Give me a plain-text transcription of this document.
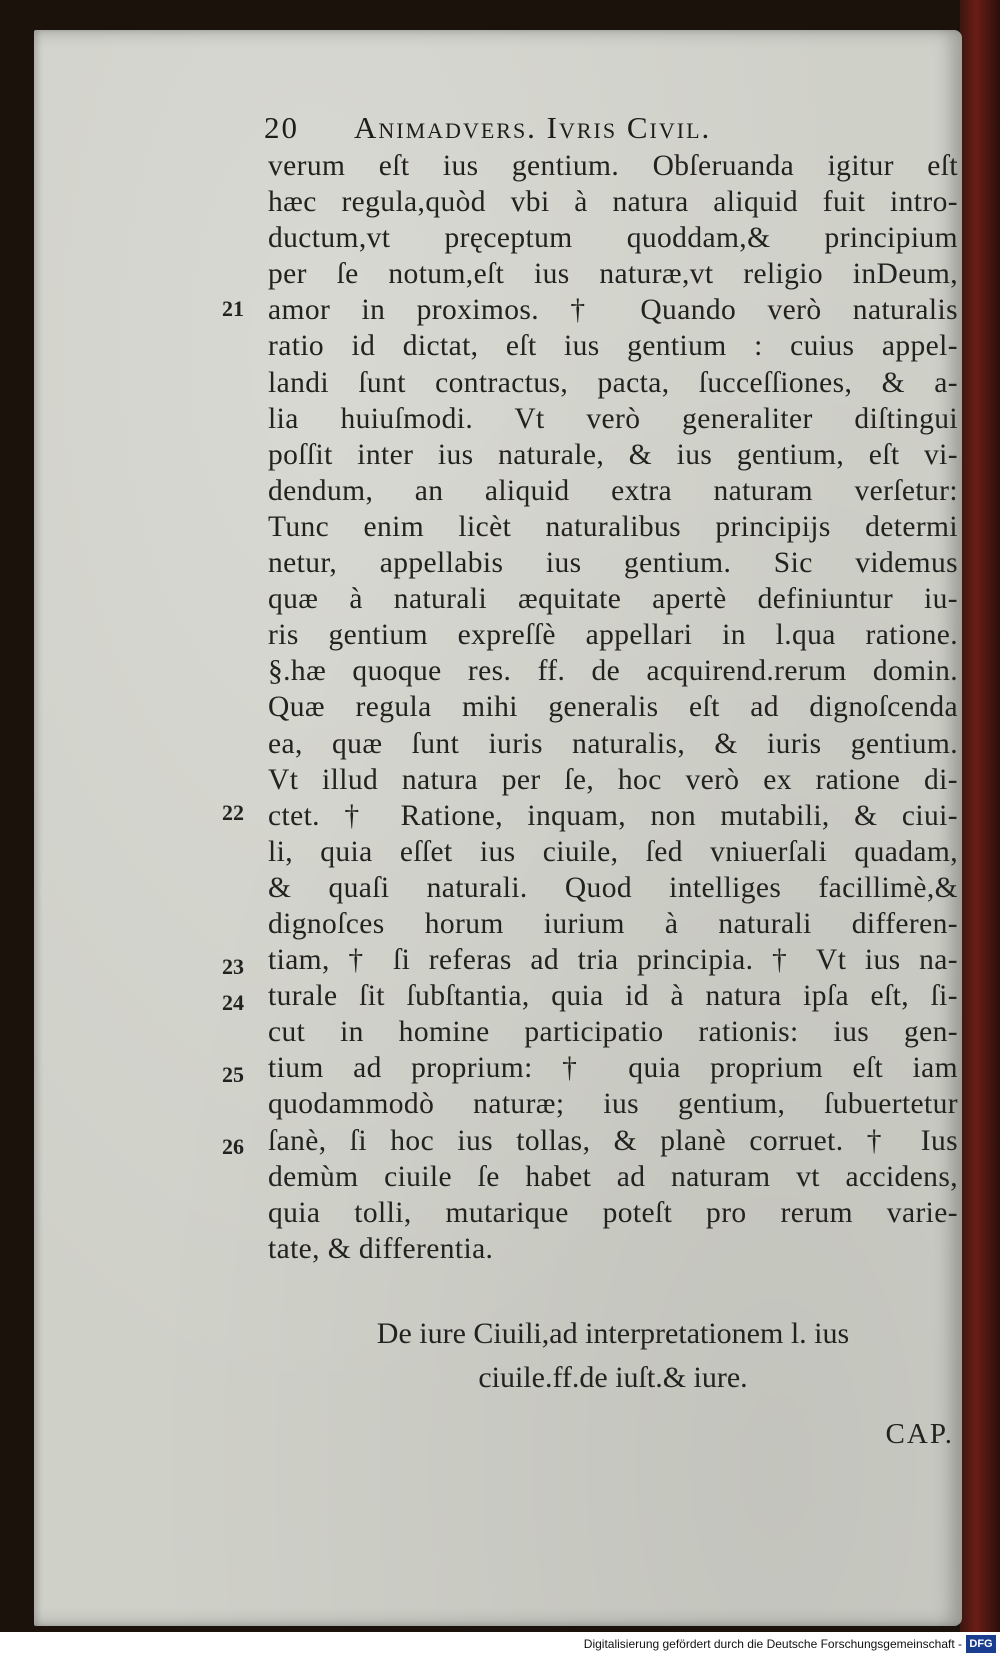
20 Animadvers. Ivris Civil.
verum eſt ius gentium. Obſeruanda igitur eſt
hæc regula,quòd vbi à natura aliquid fuit intro-
ductum,vt pręceptum quoddam,& principium
per ſe notum,eſt ius naturæ,vt religio inDeum,
amor in proximos. † Quando verò naturalis
ratio id dictat, eſt ius gentium : cuius appel-
landi ſunt contractus, pacta, ſucceſſiones, & a-
lia huiuſmodi. Vt verò generaliter diſtingui
poſſit inter ius naturale, & ius gentium, eſt vi-
dendum, an aliquid extra naturam verſetur:
Tunc enim licèt naturalibus principijs determi
netur, appellabis ius gentium. Sic videmus
quæ à naturali æquitate apertè definiuntur iu-
ris gentium expreſſè appellari in l.qua ratione.
§.hæ quoque res. ff. de acquirend.rerum domin.
Quæ regula mihi generalis eſt ad dignoſcenda
ea, quæ ſunt iuris naturalis, & iuris gentium.
Vt illud natura per ſe, hoc verò ex ratione di-
ctet. † Ratione, inquam, non mutabili, & ciui-
li, quia eſſet ius ciuile, ſed vniuerſali quadam,
& quaſi naturali. Quod intelliges facillimè,&
dignoſces horum iurium à naturali differen-
tiam, † ſi referas ad tria principia. † Vt ius na-
turale ſit ſubſtantia, quia id à natura ipſa eſt, ſi-
cut in homine participatio rationis: ius gen-
tium ad proprium: † quia proprium eſt iam
quodammodò naturæ; ius gentium, ſubuertetur
ſanè, ſi hoc ius tollas, & planè corruet. † Ius
demùm ciuile ſe habet ad naturam vt accidens,
quia tolli, mutarique poteſt pro rerum varie-
tate, & differentia.
21
22
23
24
25
26
De iure Ciuili,ad interpretationem l. ius
ciuile.ff.de iuſt.& iure.
CAP.
Digitalisierung gefördert durch die Deutsche Forschungsgemeinschaft - DFG
